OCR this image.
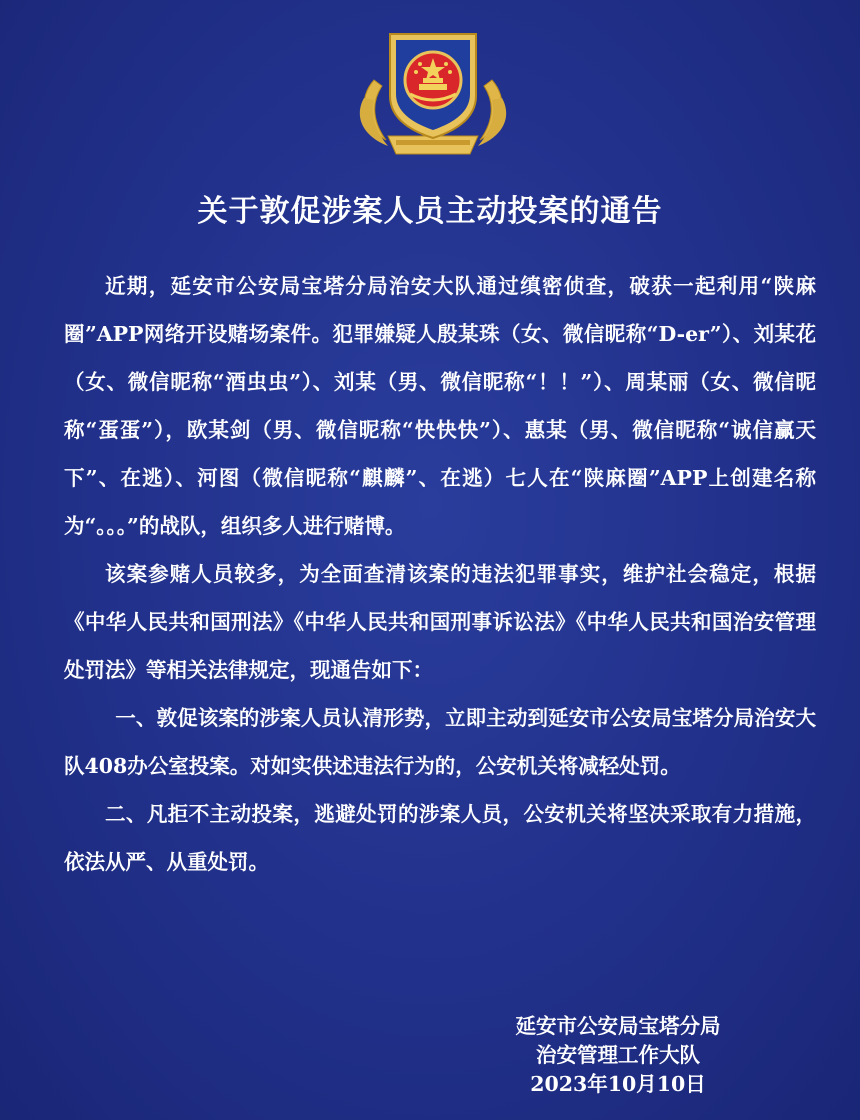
关于敦促涉案人员主动投案的通告

近期，延安市公安局宝塔分局治安大队通过缜密侦查，破获一起利用“陕麻圈”APP网络开设赌场案件。犯罪嫌疑人殷某珠（女、微信昵称“D-er”）、刘某花（女、微信昵称“酒虫虫”）、刘某（男、微信昵称“！！”）、周某丽（女、微信昵称“蛋蛋”），欧某剑（男、微信昵称“快快快”）、惠某（男、微信昵称“诚信赢天下”、在逃）、河图（微信昵称“麒麟”、在逃）七人在“陕麻圈”APP上创建名称为“。。。”的战队，组织多人进行赌博。

该案参赌人员较多，为全面查清该案的违法犯罪事实，维护社会稳定，根据《中华人民共和国刑法》《中华人民共和国刑事诉讼法》《中华人民共和国治安管理处罚法》等相关法律规定，现通告如下：

一、敦促该案的涉案人员认清形势，立即主动到延安市公安局宝塔分局治安大队408办公室投案。对如实供述违法行为的，公安机关将减轻处罚。

二、凡拒不主动投案，逃避处罚的涉案人员，公安机关将坚决采取有力措施，依法从严、从重处罚。

延安市公安局宝塔分局
治安管理工作大队
2023年10月10日
